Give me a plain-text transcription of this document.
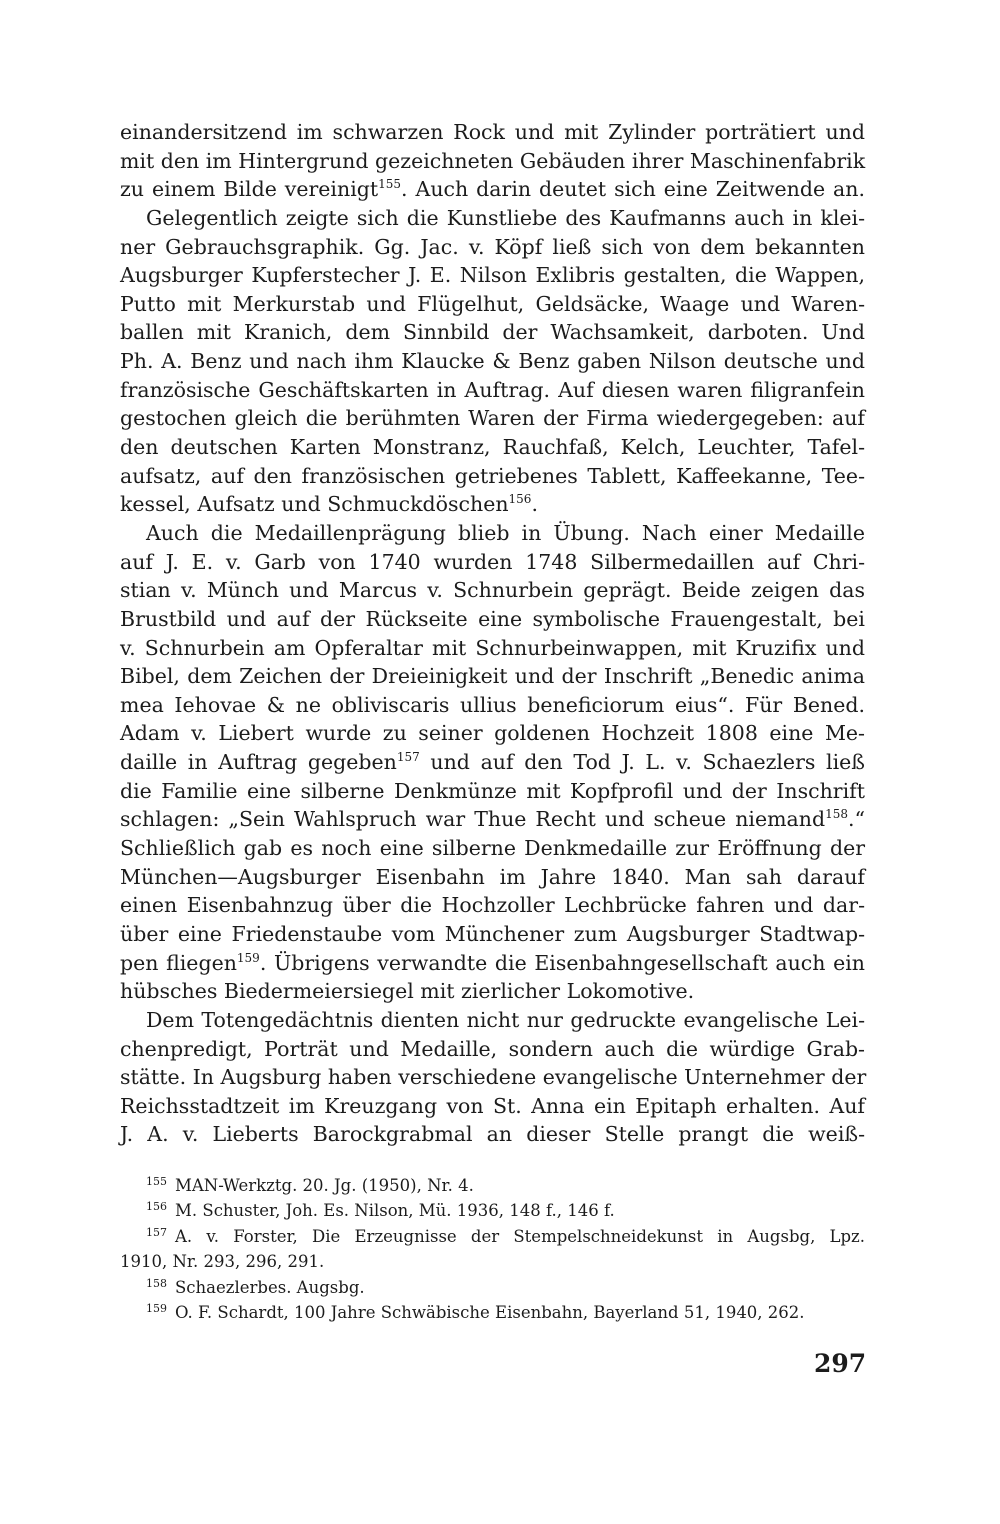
einandersitzend im schwarzen Rock und mit Zylinder porträtiert und
mit den im Hintergrund gezeichneten Gebäuden ihrer Maschinenfabrik
zu einem Bilde vereinigt$^{155}$. Auch darin deutet sich eine Zeitwende an.
Gelegentlich zeigte sich die Kunstliebe des Kaufmanns auch in klei-
ner Gebrauchsgraphik. Gg. Jac. v. Köpf ließ sich von dem bekannten
Augsburger Kupferstecher J. E. Nilson Exlibris gestalten, die Wappen,
Putto mit Merkurstab und Flügelhut, Geldsäcke, Waage und Waren-
ballen mit Kranich, dem Sinnbild der Wachsamkeit, darboten. Und
Ph. A. Benz und nach ihm Klaucke & Benz gaben Nilson deutsche und
französische Geschäftskarten in Auftrag. Auf diesen waren filigranfein
gestochen gleich die berühmten Waren der Firma wiedergegeben: auf
den deutschen Karten Monstranz, Rauchfaß, Kelch, Leuchter, Tafel-
aufsatz, auf den französischen getriebenes Tablett, Kaffeekanne, Tee-
kessel, Aufsatz und Schmuckdöschen$^{156}$.
Auch die Medaillenprägung blieb in Übung. Nach einer Medaille
auf J. E. v. Garb von 1740 wurden 1748 Silbermedaillen auf Chri-
stian v. Münch und Marcus v. Schnurbein geprägt. Beide zeigen das
Brustbild und auf der Rückseite eine symbolische Frauengestalt, bei
v. Schnurbein am Opferaltar mit Schnurbeinwappen, mit Kruzifix und
Bibel, dem Zeichen der Dreieinigkeit und der Inschrift „Benedic anima
mea Iehovae & ne obliviscaris ullius beneficiorum eius“. Für Bened.
Adam v. Liebert wurde zu seiner goldenen Hochzeit 1808 eine Me-
daille in Auftrag gegeben$^{157}$ und auf den Tod J. L. v. Schaezlers ließ
die Familie eine silberne Denkmünze mit Kopfprofil und der Inschrift
schlagen: „Sein Wahlspruch war Thue Recht und scheue niemand$^{158}$.“
Schließlich gab es noch eine silberne Denkmedaille zur Eröffnung der
München—Augsburger Eisenbahn im Jahre 1840. Man sah darauf
einen Eisenbahnzug über die Hochzoller Lechbrücke fahren und dar-
über eine Friedenstaube vom Münchener zum Augsburger Stadtwap-
pen fliegen$^{159}$. Übrigens verwandte die Eisenbahngesellschaft auch ein
hübsches Biedermeiersiegel mit zierlicher Lokomotive.
Dem Totengedächtnis dienten nicht nur gedruckte evangelische Lei-
chenpredigt, Porträt und Medaille, sondern auch die würdige Grab-
stätte. In Augsburg haben verschiedene evangelische Unternehmer der
Reichsstadtzeit im Kreuzgang von St. Anna ein Epitaph erhalten. Auf
J. A. v. Lieberts Barockgrabmal an dieser Stelle prangt die weiß-
$^{155}$ MAN-Werkztg. 20. Jg. (1950), Nr. 4.
$^{156}$ M. Schuster, Joh. Es. Nilson, Mü. 1936, 148 f., 146 f.
$^{157}$ A. v. Forster, Die Erzeugnisse der Stempelschneidekunst in Augsbg, Lpz.
1910, Nr. 293, 296, 291.
$^{158}$ Schaezlerbes. Augsbg.
$^{159}$ O. F. Schardt, 100 Jahre Schwäbische Eisenbahn, Bayerland 51, 1940, 262.
297
